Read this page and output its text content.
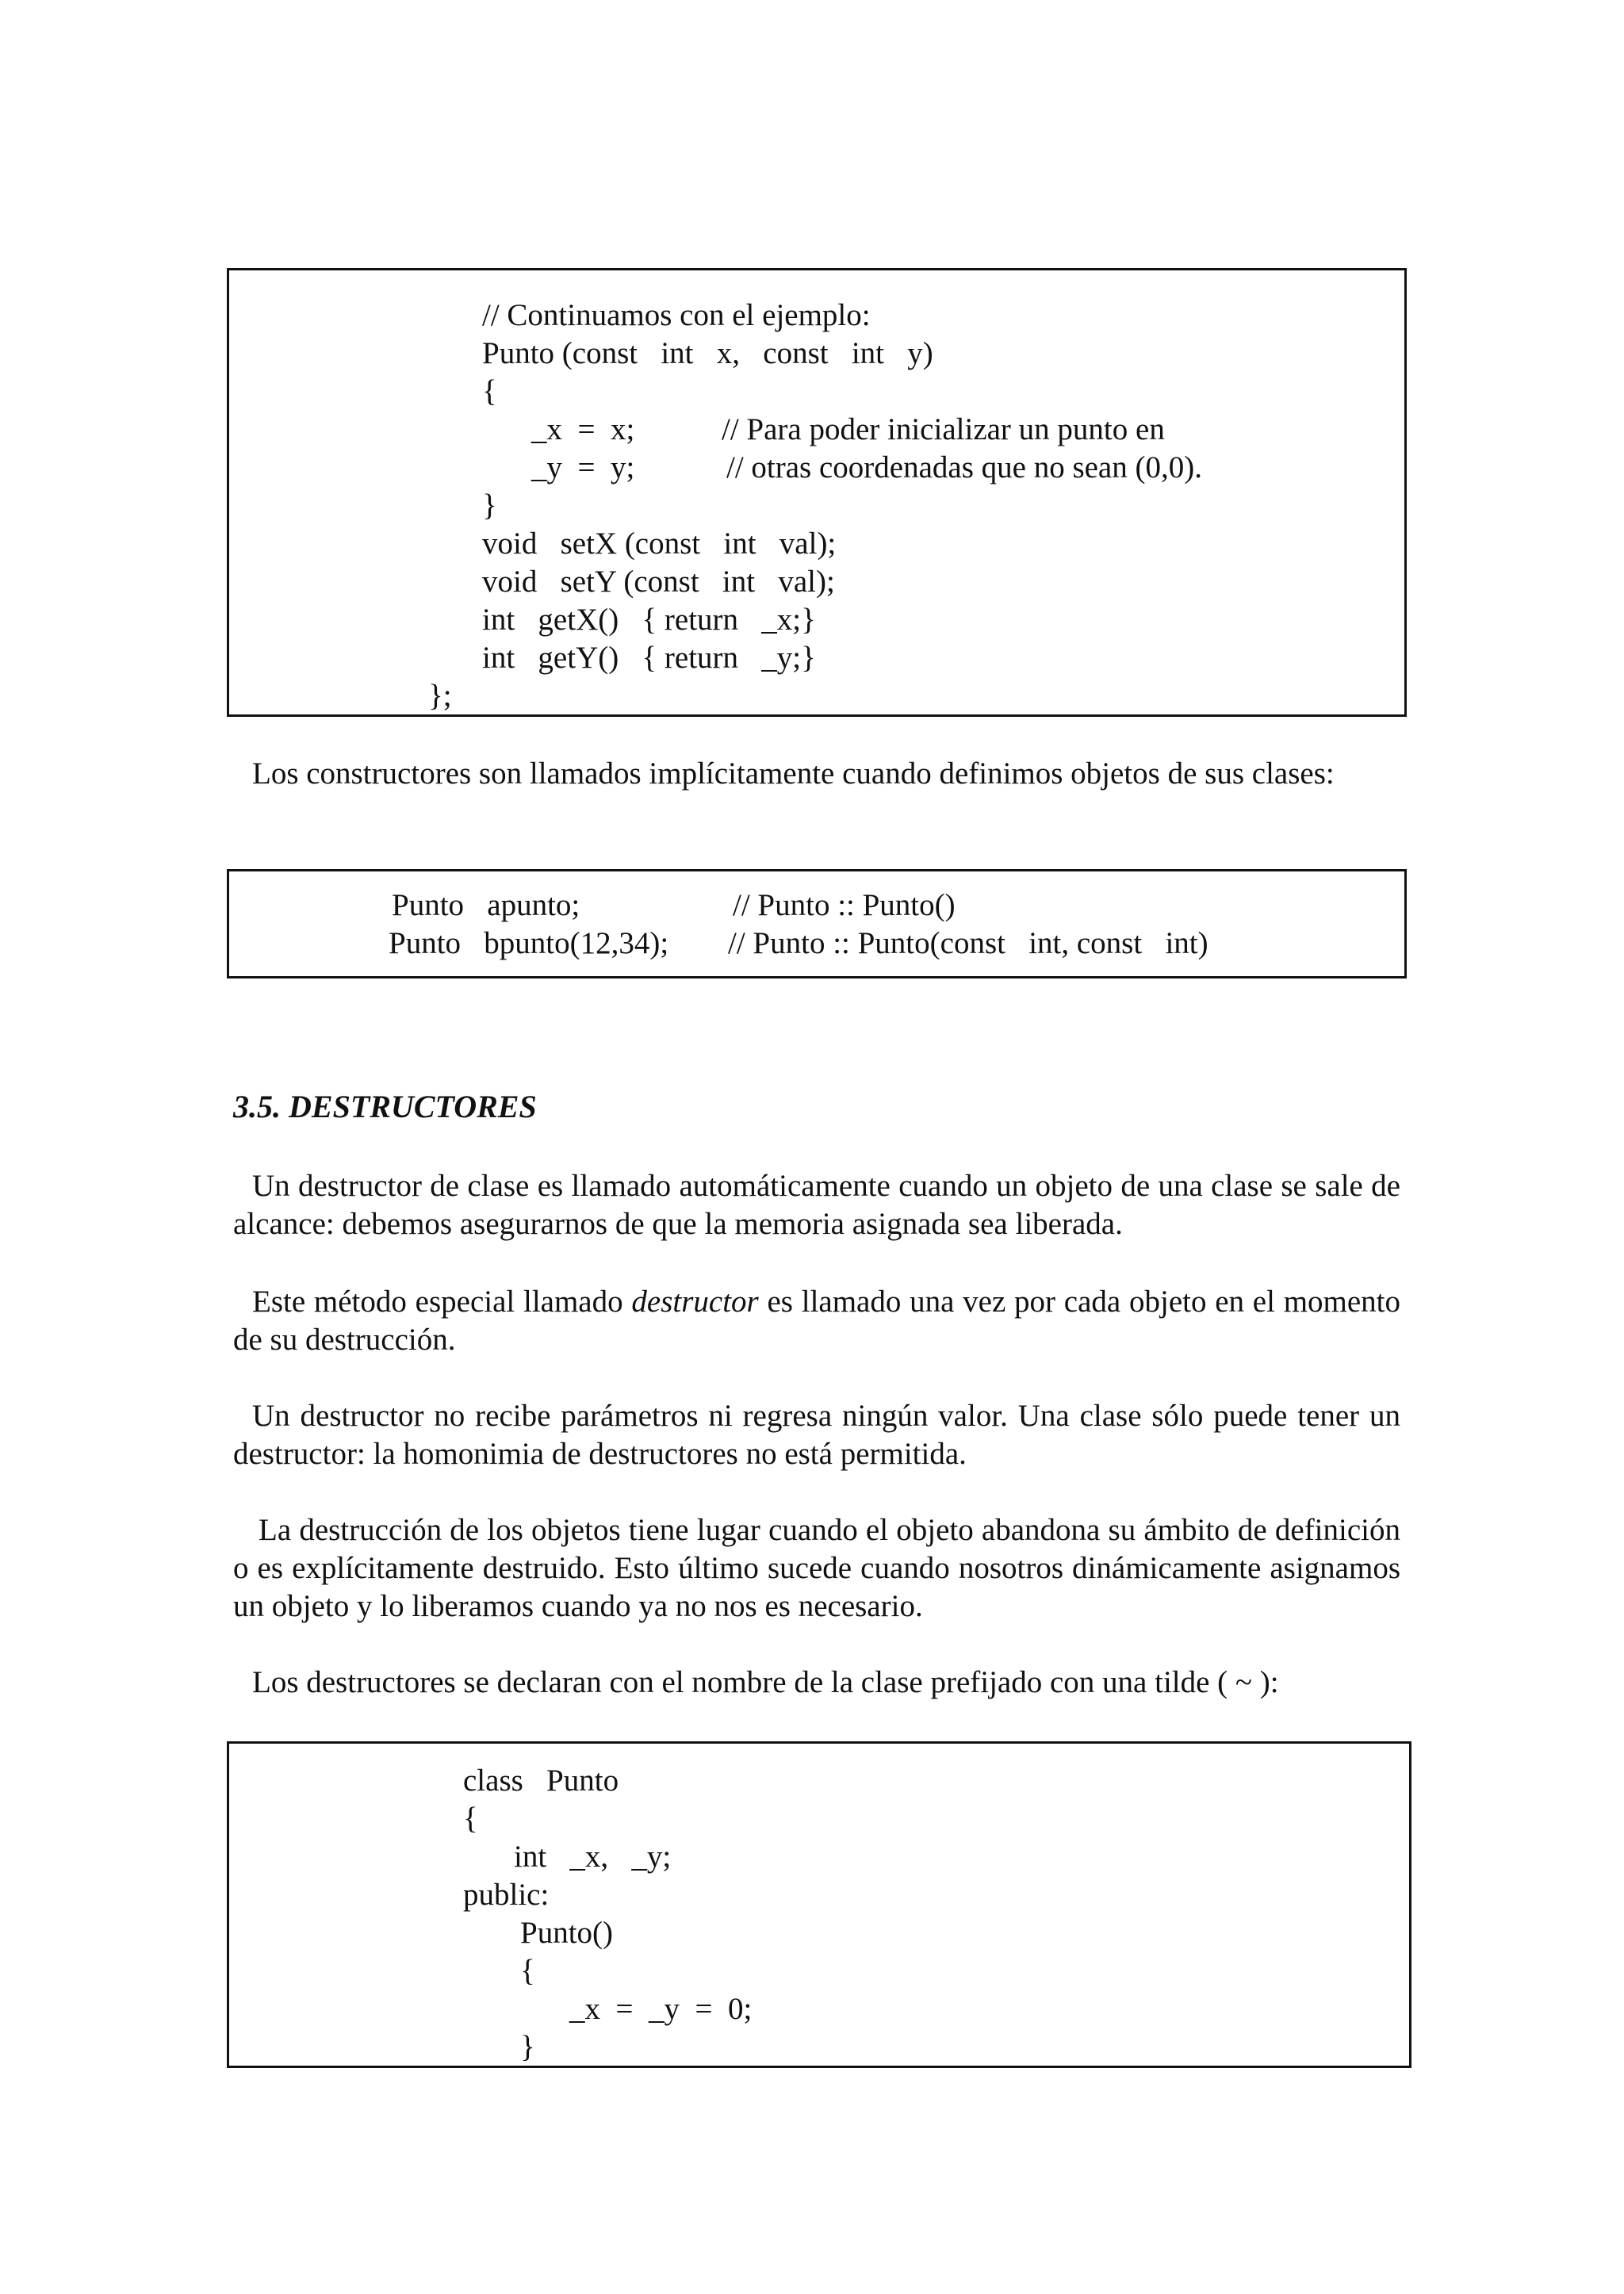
// Continuamos con el ejemplo:
Punto (const   int   x,   const   int   y)
{
_x  =  x;	// Para poder inicializar un punto en
_y  =  y;	// otras coordenadas que no sean (0,0).
}
void   setX (const   int   val);
void   setY (const   int   val);
int   getX()   { return   _x;}
int   getY()   { return   _y;}
};
Los constructores son llamados implícitamente cuando definimos objetos de sus clases:
Punto   apunto;	// Punto :: Punto()
Punto   bpunto(12,34); // Punto :: Punto(const   int, const   int)
3.5. DESTRUCTORES
Un destructor de clase es llamado automáticamente cuando un objeto de una clase se sale de alcance: debemos asegurarnos de que la memoria asignada sea liberada.
Este método especial llamado destructor es llamado una vez por cada objeto en el momento de su destrucción.
Un destructor no recibe parámetros ni regresa ningún valor. Una clase sólo puede tener un destructor: la homonimia de destructores no está permitida.
La destrucción de los objetos tiene lugar cuando el objeto abandona su ámbito de definición o es explícitamente destruido. Esto último sucede cuando nosotros dinámicamente asignamos un objeto y lo liberamos cuando ya no nos es necesario.
Los destructores se declaran con el nombre de la clase prefijado con una tilde ( ~ ):
class   Punto
{
int   _x,   _y;
public:
Punto()
{
_x  =  _y  =  0;
}
